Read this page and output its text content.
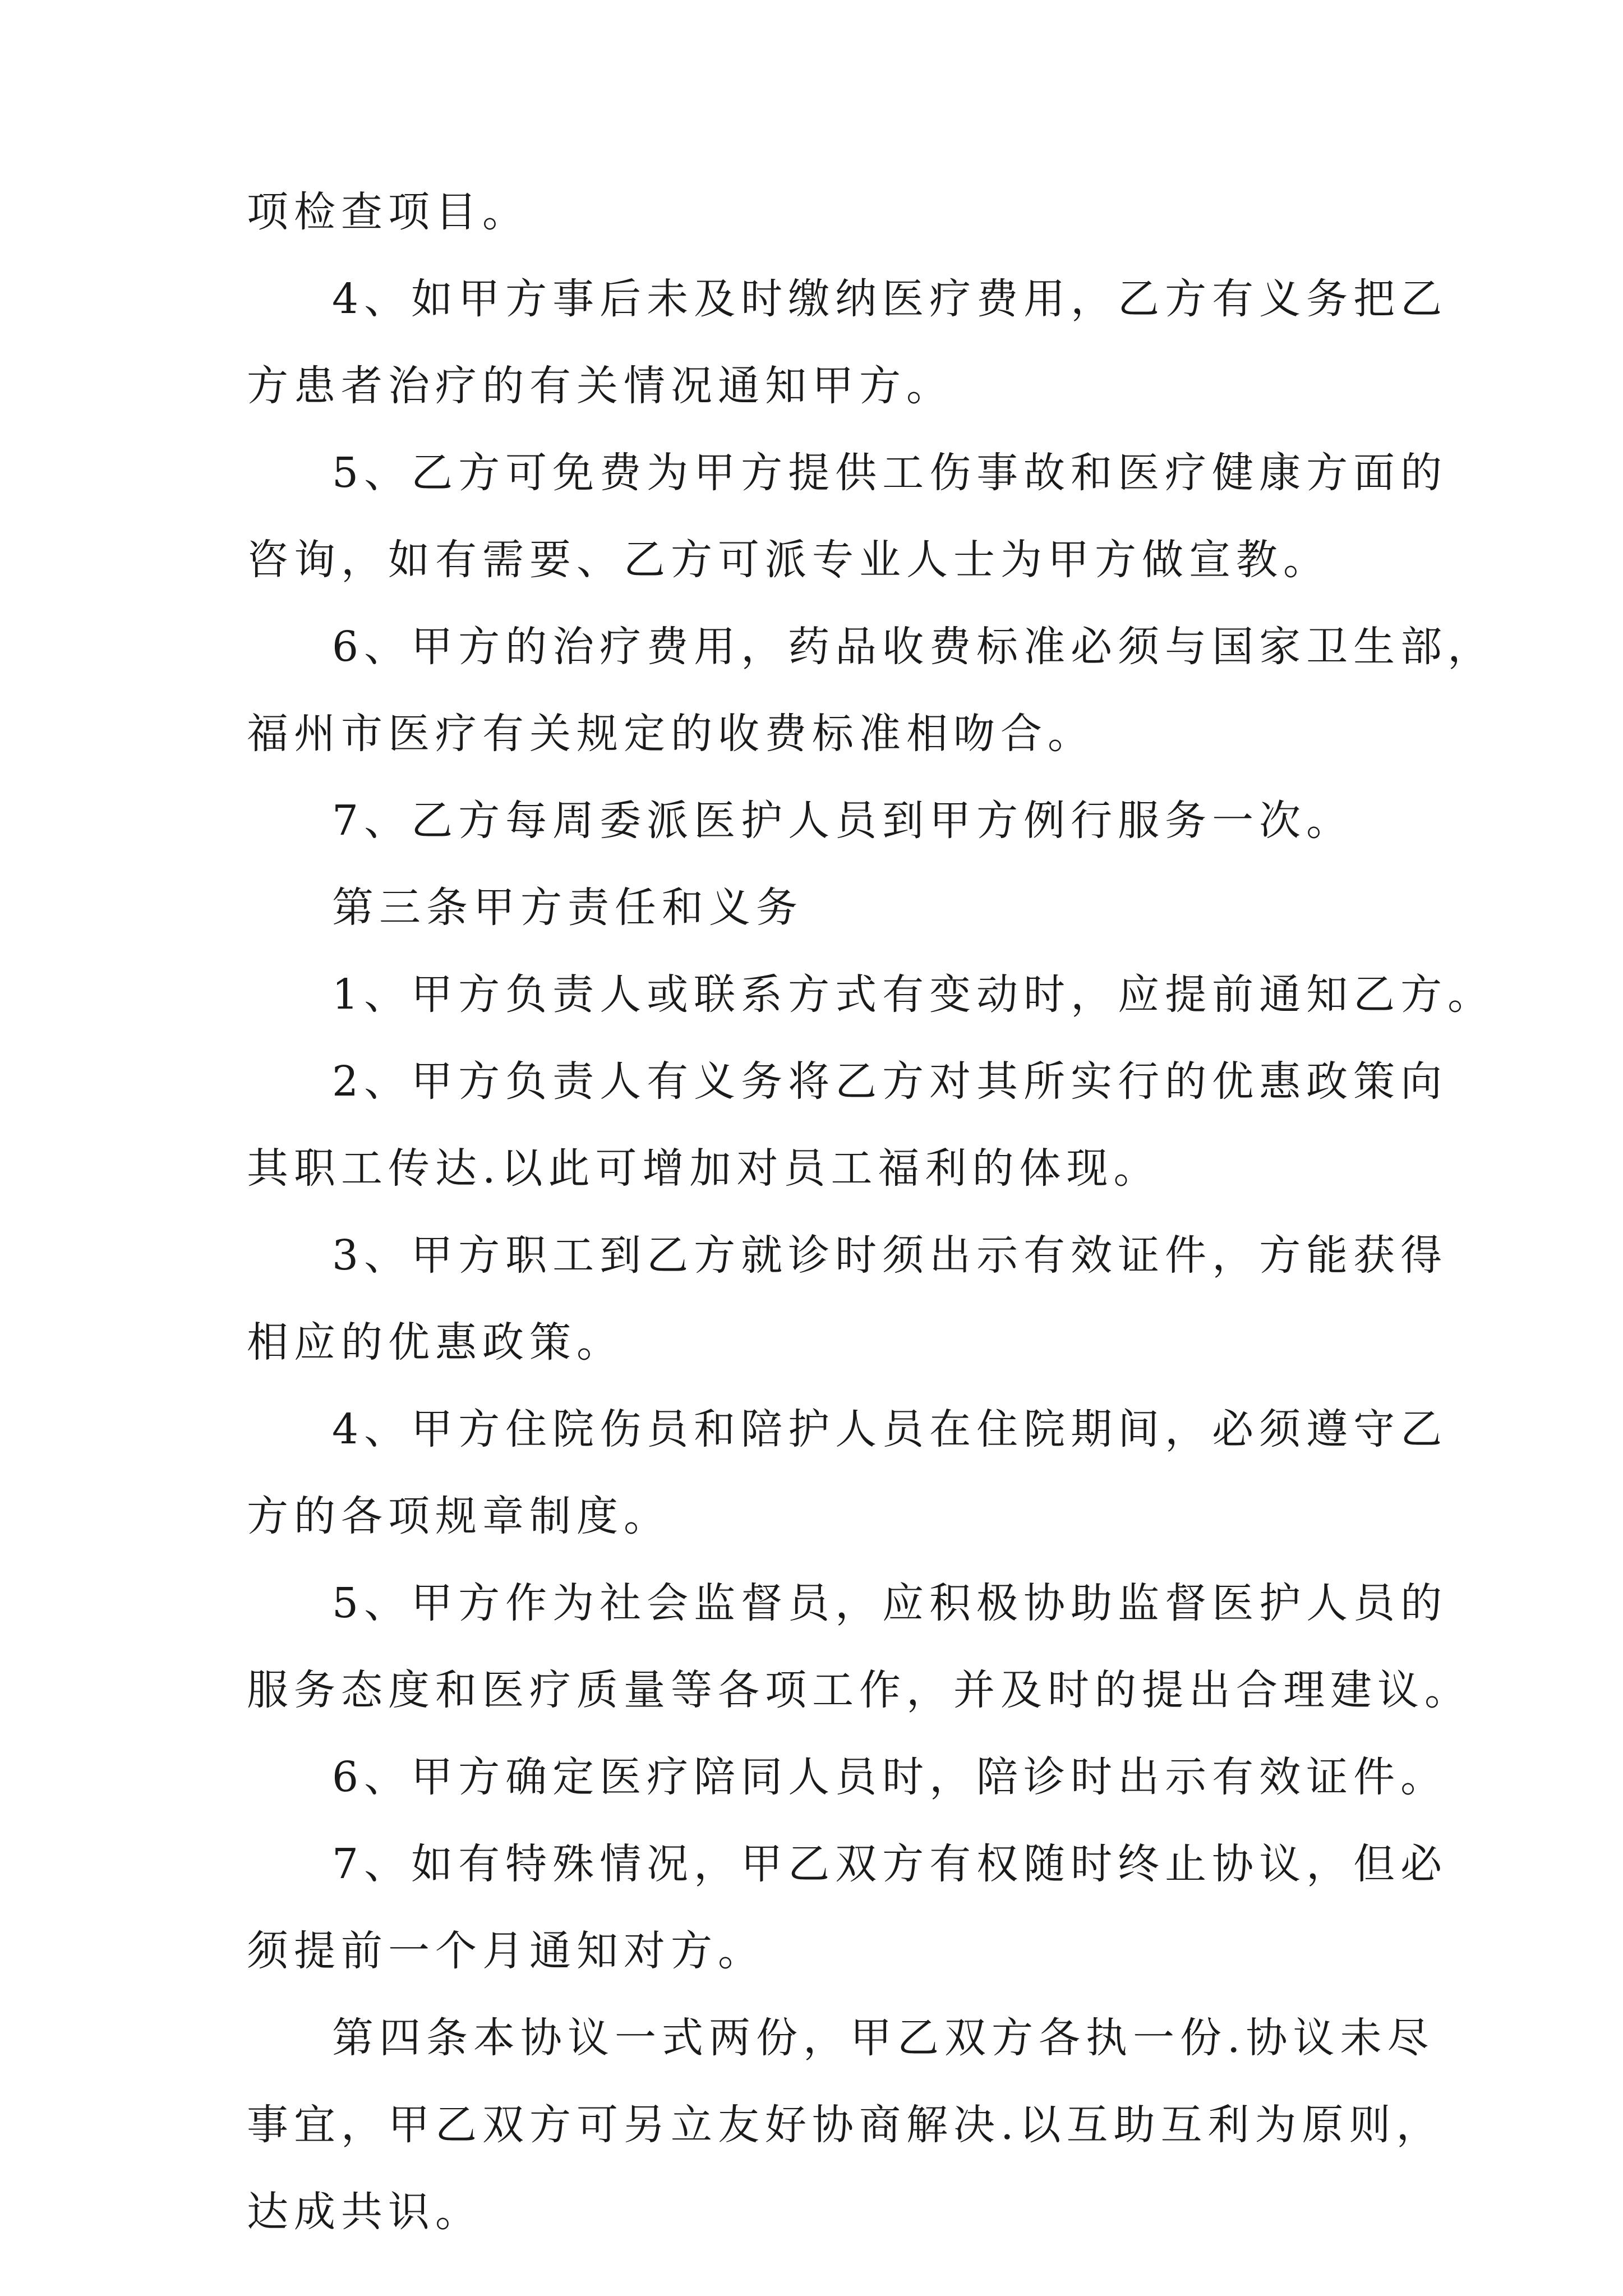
项检查项目。
4、如甲方事后未及时缴纳医疗费用，乙方有义务把乙
方患者治疗的有关情况通知甲方。
5、乙方可免费为甲方提供工伤事故和医疗健康方面的
咨询，如有需要、乙方可派专业人士为甲方做宣教。
6、甲方的治疗费用，药品收费标准必须与国家卫生部，
福州市医疗有关规定的收费标准相吻合。
7、乙方每周委派医护人员到甲方例行服务一次。
第三条甲方责任和义务
1、甲方负责人或联系方式有变动时，应提前通知乙方。
2、甲方负责人有义务将乙方对其所实行的优惠政策向
其职工传达.以此可增加对员工福利的体现。
3、甲方职工到乙方就诊时须出示有效证件，方能获得
相应的优惠政策。
4、甲方住院伤员和陪护人员在住院期间，必须遵守乙
方的各项规章制度。
5、甲方作为社会监督员，应积极协助监督医护人员的
服务态度和医疗质量等各项工作，并及时的提出合理建议。
6、甲方确定医疗陪同人员时，陪诊时出示有效证件。
7、如有特殊情况，甲乙双方有权随时终止协议，但必
须提前一个月通知对方。
第四条本协议一式两份，甲乙双方各执一份.协议未尽
事宜，甲乙双方可另立友好协商解决.以互助互利为原则，
达成共识。
